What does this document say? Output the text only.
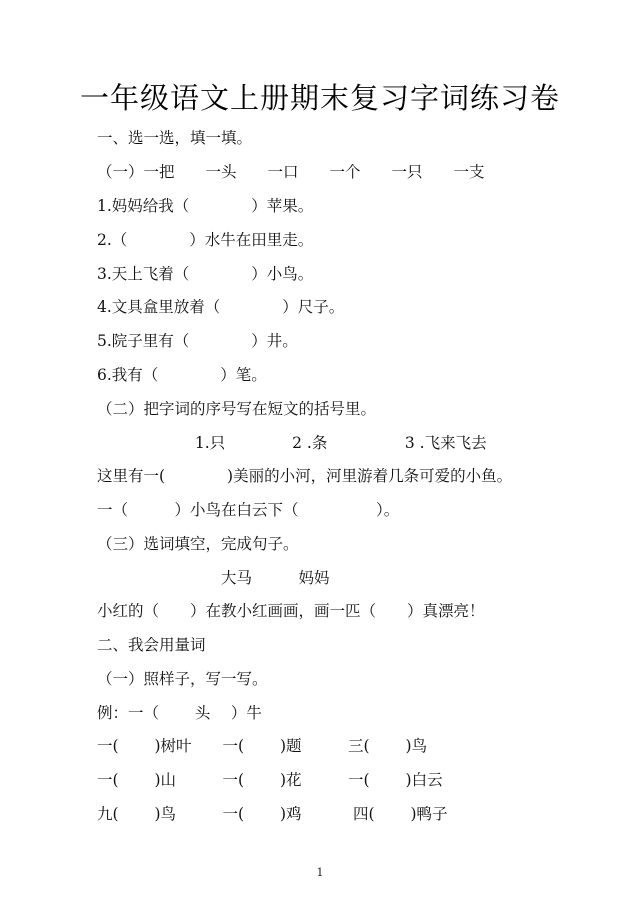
一年级语文上册期末复习字词练习卷
一、选一选，填一填。
（一）一把　　一头　　一口　　一个　　一只　　一支
1.妈妈给我（　　　　）苹果。
2.（　　　　）水牛在田里走。
3.天上飞着（　　　　）小鸟。
4.文具盒里放着（　　　　）尺子。
5.院子里有（　　　　）井。
6.我有（　　　　）笔。
（二）把字词的序号写在短文的括号里。
　　　　　　 1.只　　　　 2 .条　　　　　3 .飞来飞去
这里有一(　　　　)美丽的小河，河里游着几条可爱的小鱼。
一（　　　）小鸟在白云下（　　　　　）。
（三）选词填空，完成句子。
　　　　　　　　大马　　　妈妈
小红的（　　）在教小红画画，画一匹（　　）真漂亮！
二、我会用量词
（一）照样子，写一写。
例：一（　　 头　 ）牛
一(　　 )树叶　　一(　　 )题　　　三(　　 )鸟
一(　　 )山　　　一(　　 )花　　　一(　　 )白云
九(　　 )鸟　　　一(　　 )鸡　　　 四(　　 )鸭子
1
